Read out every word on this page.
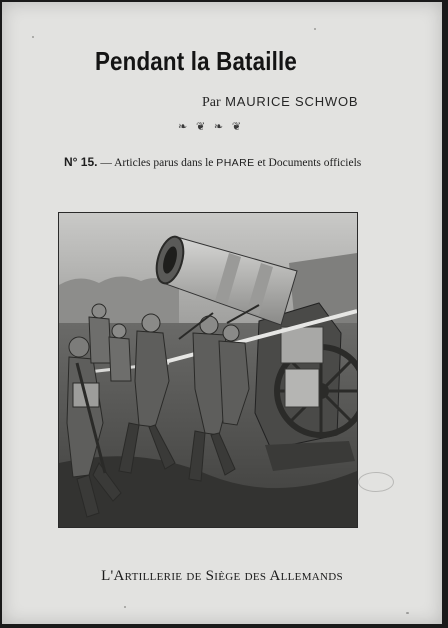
Pendant la Bataille
Par MAURICE SCHWOB
❧ ❦ ❧ ❦
N° 15. — Articles parus dans le PHARE et Documents officiels
L'Artillerie de Siège des Allemands
